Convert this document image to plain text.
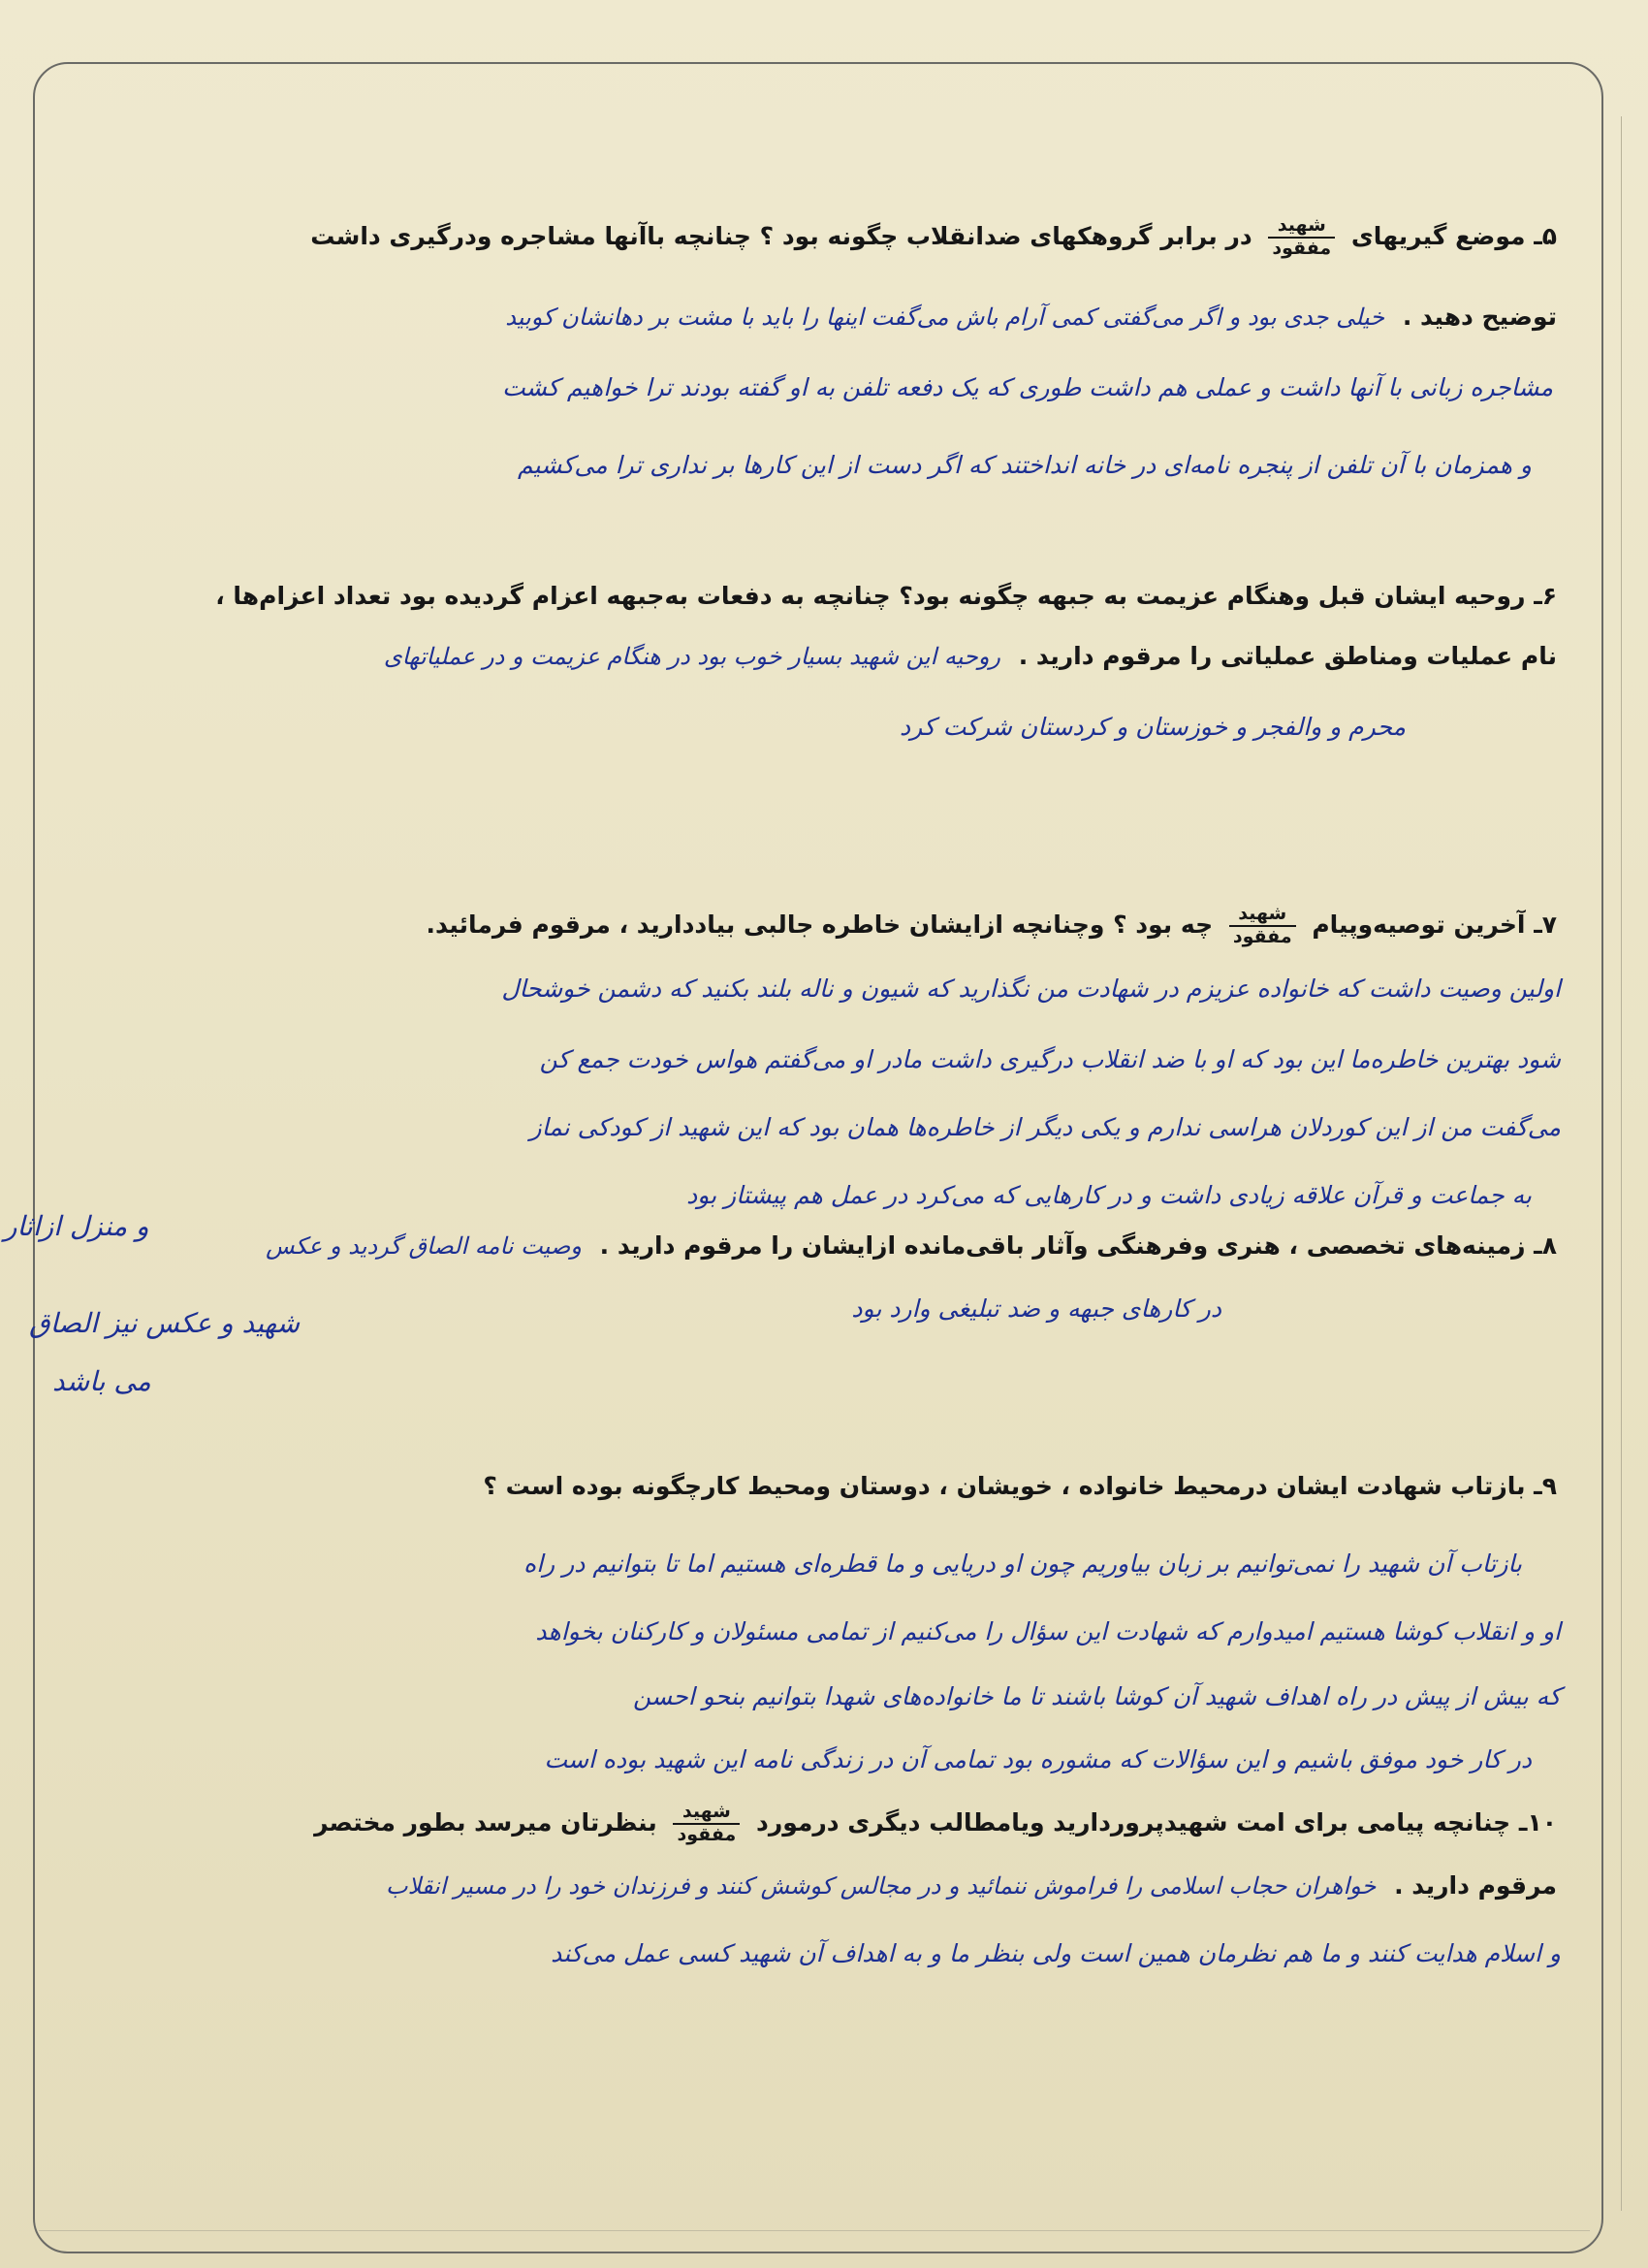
۵ـ موضع گیریهای
$\frac{\text{شهید}}{\text{مفقود}}$
در برابر گروهکهای ضدانقلاب چگونه بود ؟ چنانچه باآنها مشاجره ودرگیری داشت
توضیح دهید . خیلی جدی بود و اگر می‌گفتی کمی آرام باش می‌گفت اینها را باید با مشت بر دهانشان کوبید
مشاجره زبانی با آنها داشت و عملی هم داشت طوری که یک دفعه تلفن به او گفته بودند ترا خواهیم کشت
و همزمان با آن تلفن از پنجره نامه‌ای در خانه انداختند که اگر دست از این کارها بر نداری ترا می‌کشیم
۶ـ روحیه ایشان قبل وهنگام عزیمت به جبهه چگونه بود؟ چنانچه به دفعات به‌جبهه اعزام گردیده بود تعداد اعزام‌ها ،
نام عملیات ومناطق عملیاتی را مرقوم دارید . روحیه این شهید بسیار خوب بود در هنگام عزیمت و در عملیاتهای
محرم و والفجر و خوزستان و کردستان شرکت کرد
۷ـ آخرین توصیه‌وپیام
$\frac{\text{شهید}}{\text{مفقود}}$
چه بود ؟ وچنانچه ازایشان خاطره جالبی بیاددارید ، مرقوم فرمائید.
اولین وصیت داشت که خانواده عزیزم در شهادت من نگذارید که شیون و ناله بلند بکنید که دشمن خوشحال
شود بهترین خاطره‌ما این بود که او با ضد انقلاب درگیری داشت مادر او می‌گفتم هواس خودت جمع کن
می‌گفت من از این کوردلان هراسی ندارم و یکی دیگر از خاطره‌ها همان بود که این شهید از کودکی نماز
به جماعت و قرآن علاقه زیادی داشت و در کارهایی که می‌کرد در عمل هم پیشتاز بود
۸ـ زمینه‌های تخصصی ، هنری وفرهنگی وآثار باقی‌مانده ازایشان را مرقوم دارید . وصیت نامه الصاق گردید و عکس
در کارهای جبهه و ضد تبلیغی وارد بود
و منزل ازاثار
شهید و عکس نیز الصاق
می باشد
۹ـ بازتاب شهادت ایشان درمحیط خانواده ، خویشان ، دوستان ومحیط کارچگونه بوده است ؟
بازتاب آن شهید را نمی‌توانیم بر زبان بیاوریم چون او دریایی و ما قطره‌ای هستیم اما تا بتوانیم در راه
او و انقلاب کوشا هستیم امیدوارم که شهادت این سؤال را می‌کنیم از تمامی مسئولان و کارکنان بخواهد
که بیش از پیش در راه اهداف شهید آن کوشا باشند تا ما خانواده‌های شهدا بتوانیم بنحو احسن
در کار خود موفق باشیم و این سؤالات که مشوره بود تمامی آن در زندگی نامه این شهید بوده است
۱۰ـ چنانچه پیامی برای امت شهیدپروردارید ویامطالب دیگری درمورد
$\frac{\text{شهید}}{\text{مفقود}}$
بنظرتان میرسد بطور مختصر
مرقوم دارید . خواهران حجاب اسلامی را فراموش ننمائید و در مجالس کوشش کنند و فرزندان خود را در مسیر انقلاب
و اسلام هدایت کنند و ما هم نظرمان همین است ولی بنظر ما و به اهداف آن شهید کسی عمل می‌کند
